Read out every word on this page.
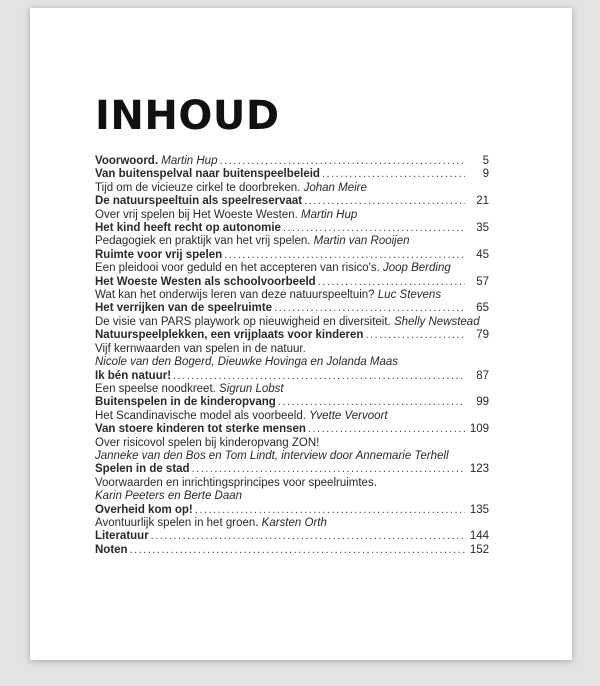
INHOUD
Voorwoord. Martin Hup .....	5
Van buitenspelval naar buitenspeelbeleid .....	9
Tijd om de vicieuze cirkel te doorbreken. Johan Meire
De natuurspeeltuin als speelreservaat .....	21
Over vrij spelen bij Het Woeste Westen. Martin Hup
Het kind heeft recht op autonomie .....	35
Pedagogiek en praktijk van het vrij spelen. Martin van Rooijen
Ruimte voor vrij spelen .....	45
Een pleidooi voor geduld en het accepteren van risico's. Joop Berding
Het Woeste Westen als schoolvoorbeeld .....	57
Wat kan het onderwijs leren van deze natuurspeeltuin? Luc Stevens
Het verrijken van de speelruimte .....	65
De visie van PARS playwork op nieuwigheid en diversiteit. Shelly Newstead
Natuurspeelplekken, een vrijplaats voor kinderen .....	79
Vijf kernwaarden van spelen in de natuur.
Nicole van den Bogerd, Dieuwke Hovinga en Jolanda Maas
Ik bén natuur! .....	87
Een speelse noodkreet. Sigrun Lobst
Buitenspelen in de kinderopvang .....	99
Het Scandinavische model als voorbeeld. Yvette Vervoort
Van stoere kinderen tot sterke mensen .....	109
Over risicovol spelen bij kinderopvang ZON!
Janneke van den Bos en Tom Lindt, interview door Annemarie Terhell
Spelen in de stad .....	123
Voorwaarden en inrichtingsprincipes voor speelruimtes.
Karin Peeters en Berte Daan
Overheid kom op! .....	135
Avontuurlijk spelen in het groen. Karsten Orth
Literatuur .....	144
Noten .....	152
